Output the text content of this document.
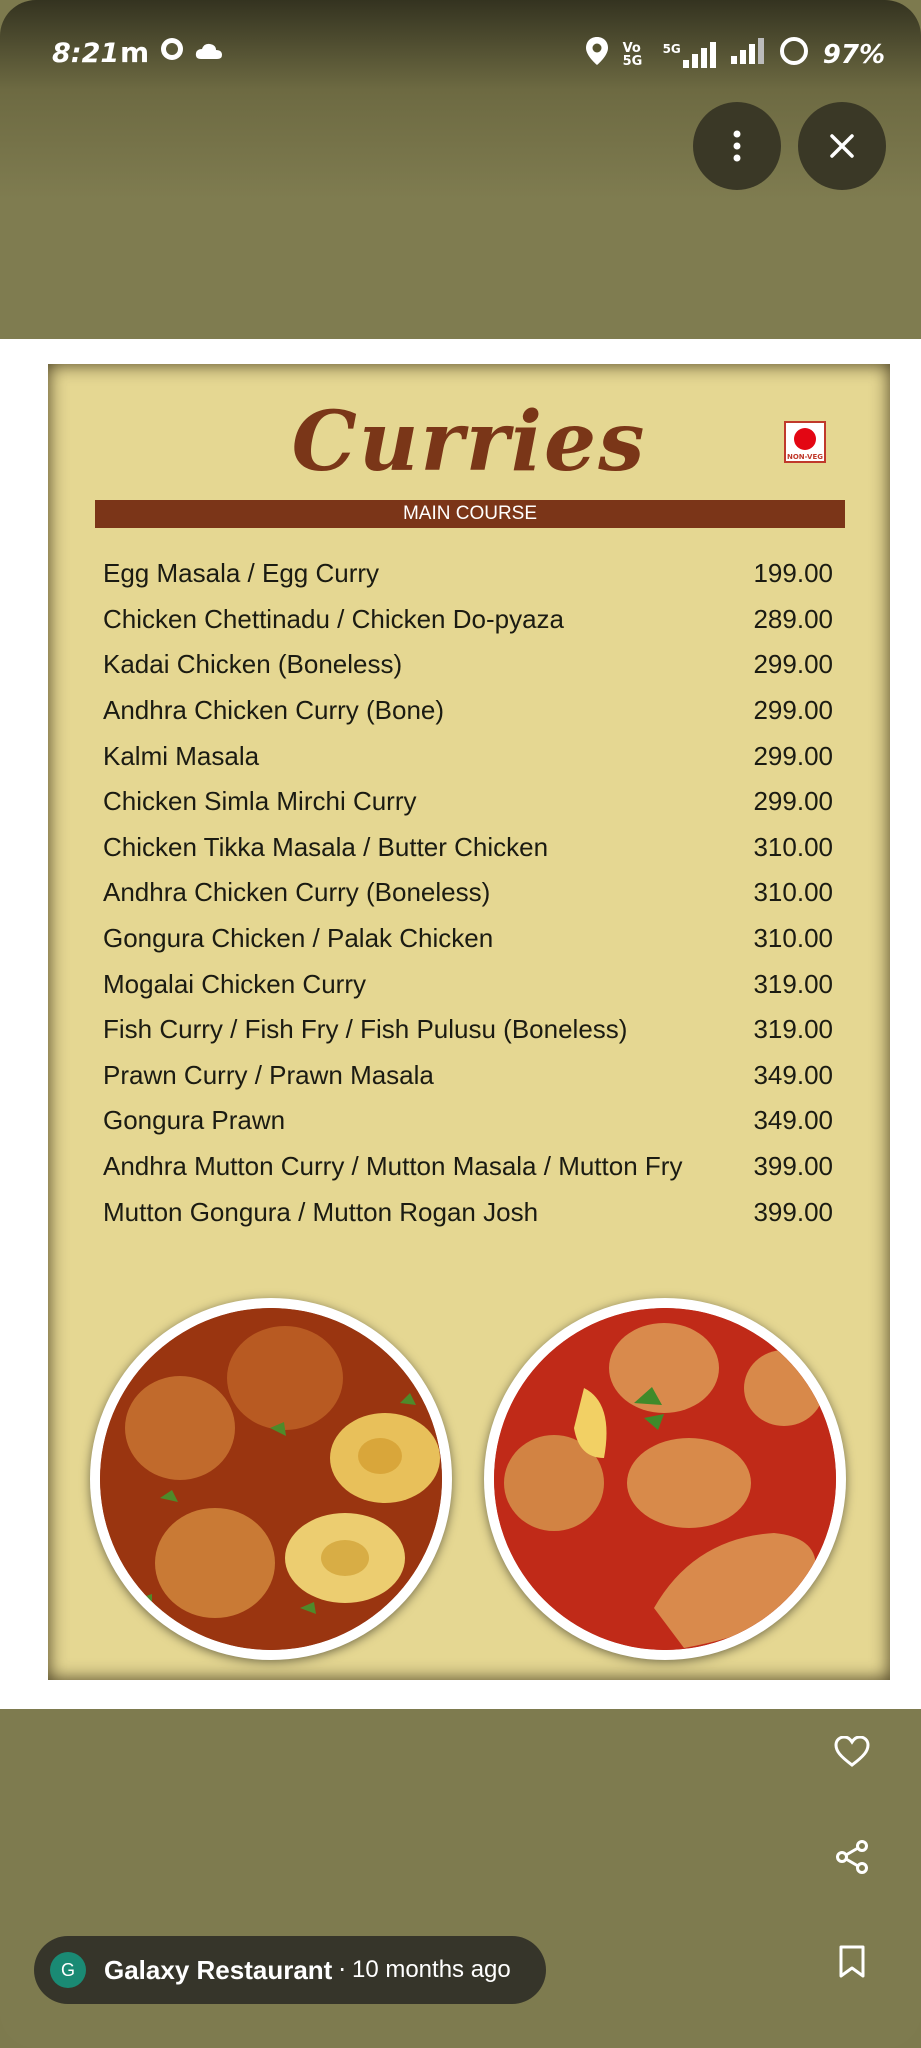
8:21 m	Vo 5G
5G	97%
Curries	NON-VEG
MAIN COURSE
Egg Masala / Egg Curry	199.00
Chicken Chettinadu / Chicken Do-pyaza	289.00
Kadai Chicken (Boneless)	299.00
Andhra Chicken Curry (Bone)	299.00
Kalmi Masala	299.00
Chicken Simla Mirchi Curry	299.00
Chicken Tikka Masala / Butter Chicken	310.00
Andhra Chicken Curry (Boneless)	310.00
Gongura Chicken / Palak Chicken	310.00
Mogalai Chicken Curry	319.00
Fish Curry / Fish Fry / Fish Pulusu (Boneless)	319.00
Prawn Curry / Prawn Masala	349.00
Gongura Prawn	349.00
Andhra Mutton Curry / Mutton Masala / Mutton Fry	399.00
Mutton Gongura / Mutton Rogan Josh	399.00
G	Galaxy Restaurant · 10 months ago
